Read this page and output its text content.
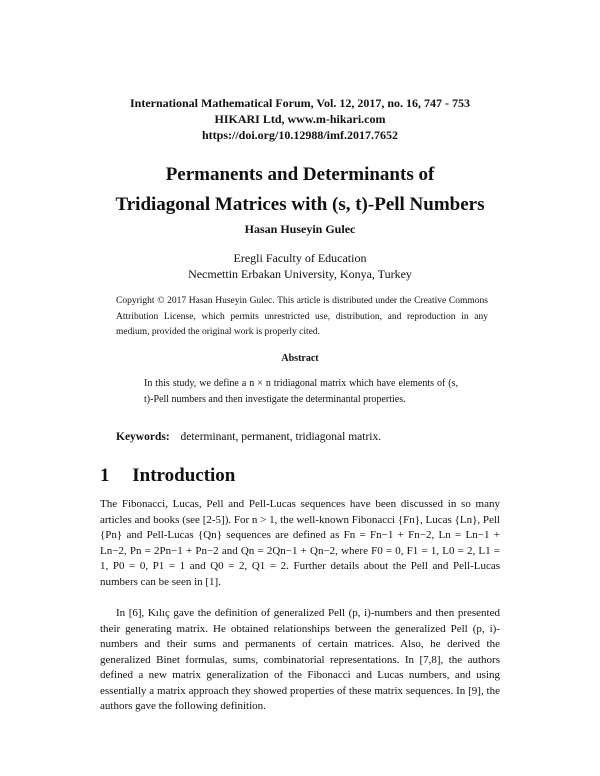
International Mathematical Forum, Vol. 12, 2017, no. 16, 747 - 753
HIKARI Ltd, www.m-hikari.com
https://doi.org/10.12988/imf.2017.7652
Permanents and Determinants of
Tridiagonal Matrices with (s, t)-Pell Numbers
Hasan Huseyin Gulec
Eregli Faculty of Education
Necmettin Erbakan University, Konya, Turkey

Copyright © 2017 Hasan Huseyin Gulec. This article is distributed under the Creative Commons Attribution License, which permits unrestricted use, distribution, and reproduction in any medium, provided the original work is properly cited.

Abstract

In this study, we define a n × n tridiagonal matrix which have elements of (s, t)-Pell numbers and then investigate the determinantal properties.

Keywords: determinant, permanent, tridiagonal matrix.
1 Introduction

The Fibonacci, Lucas, Pell and Pell-Lucas sequences have been discussed in so many articles and books (see [2-5]). For n > 1, the well-known Fibonacci {Fn}, Lucas {Ln}, Pell {Pn} and Pell-Lucas {Qn} sequences are defined as Fn = Fn−1 + Fn−2, Ln = Ln−1 + Ln−2, Pn = 2Pn−1 + Pn−2 and Qn = 2Qn−1 + Qn−2, where F0 = 0, F1 = 1, L0 = 2, L1 = 1, P0 = 0, P1 = 1 and Q0 = 2, Q1 = 2. Further details about the Pell and Pell-Lucas numbers can be seen in [1].

In [6], Kılıç gave the definition of generalized Pell (p, i)-numbers and then presented their generating matrix. He obtained relationships between the generalized Pell (p, i)-numbers and their sums and permanents of certain matrices. Also, he derived the generalized Binet formulas, sums, combinatorial representations. In [7,8], the authors defined a new matrix generalization of the Fibonacci and Lucas numbers, and using essentially a matrix approach they showed properties of these matrix sequences. In [9], the authors gave the following definition.
